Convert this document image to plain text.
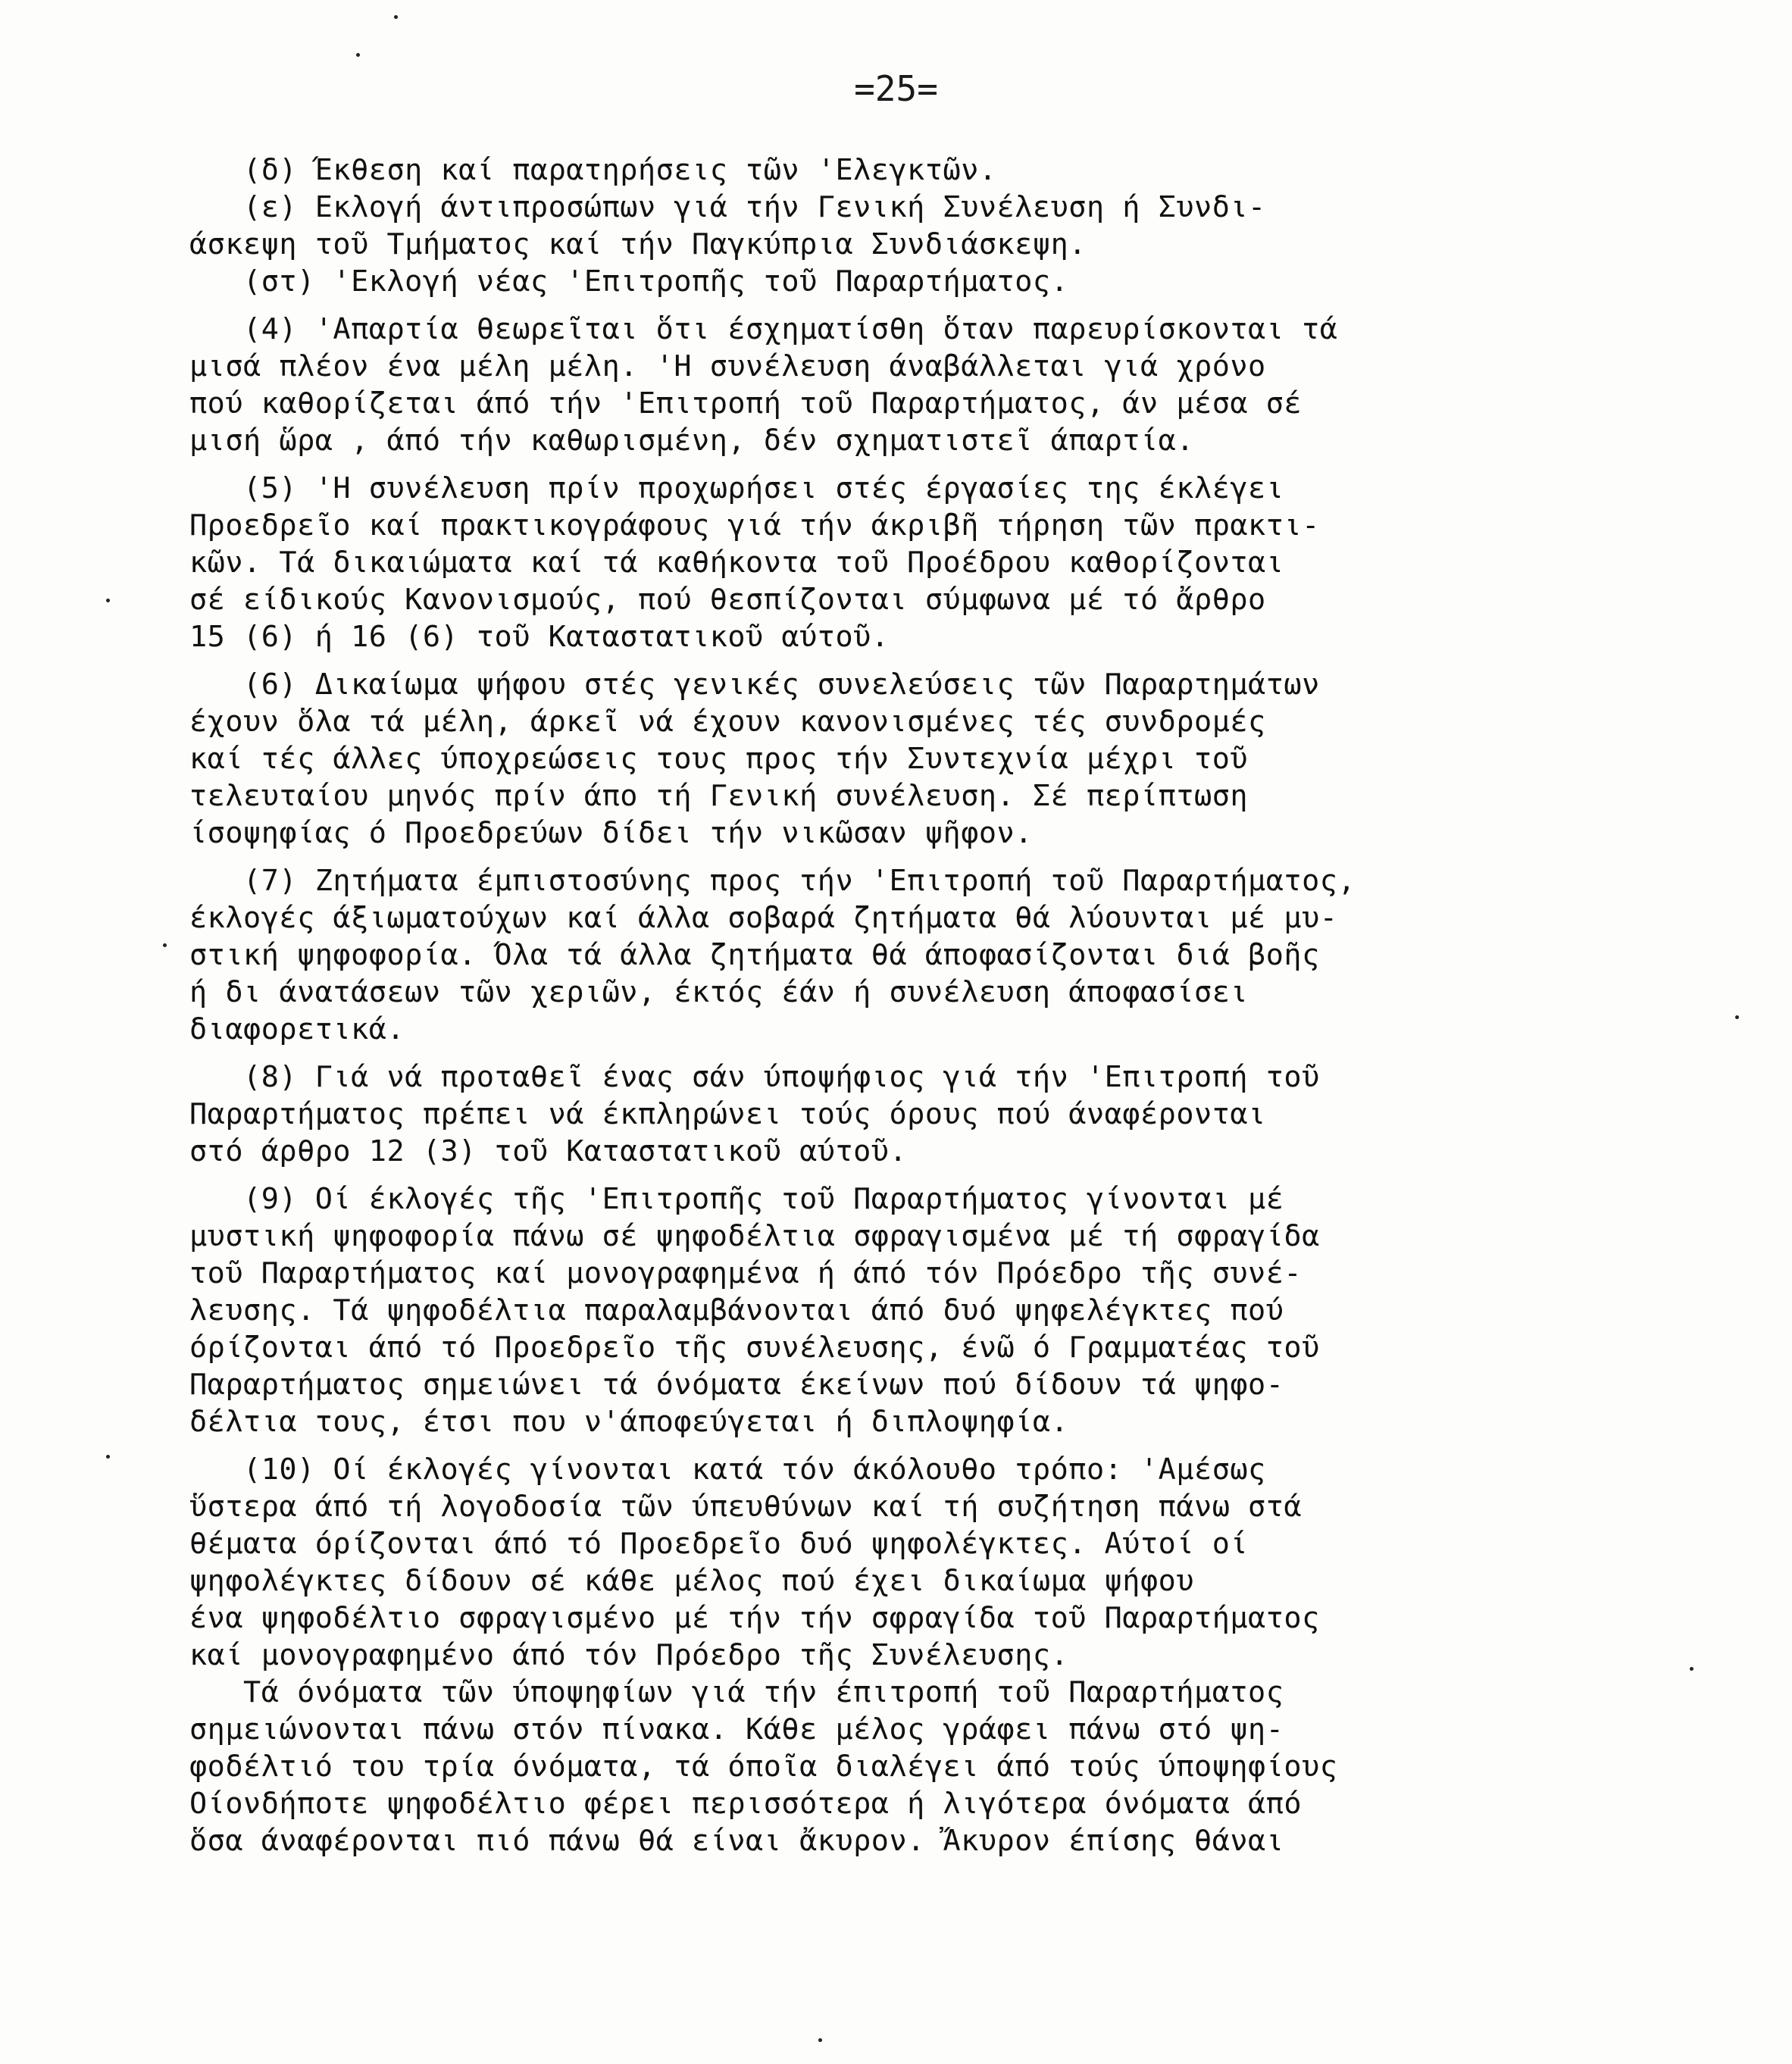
=25=
(δ) Έκθεση καί παρατηρήσεις τῶν 'Ελεγκτῶν.
(ε) Εκλογή άντιπροσώπων γιά τήν Γενική Συνέλευση ή Συνδι-
άσκεψη τοῦ Τμήματος καί τήν Παγκύπρια Συνδιάσκεψη.
(στ) 'Εκλογή νέας 'Επιτροπῆς τοῦ Παραρτήματος.
(4) 'Απαρτία θεωρεῖται ὅτι έσχηματίσθη ὅταν παρευρίσκονται τά
μισά πλέον ένα μέλη μέλη. 'Η συνέλευση άναβάλλεται γιά χρόνο
πού καθορίζεται άπό τήν 'Επιτροπή τοῦ Παραρτήματος, άν μέσα σέ
μισή ὥρα , άπό τήν καθωρισμένη, δέν σχηματιστεῖ άπαρτία.
(5) 'Η συνέλευση πρίν προχωρήσει στές έργασίες της έκλέγει
Προεδρεῖο καί πρακτικογράφους γιά τήν άκριβῆ τήρηση τῶν πρακτι-
κῶν. Τά δικαιώματα καί τά καθήκοντα τοῦ Προέδρου καθορίζονται
σέ είδικούς Κανονισμούς, πού θεσπίζονται σύμφωνα μέ τό ἄρθρο
15 (6) ή 16 (6) τοῦ Καταστατικοῦ αύτοῦ.
(6) Δικαίωμα ψήφου στές γενικές συνελεύσεις τῶν Παραρτημάτων
έχουν ὅλα τά μέλη, άρκεῖ νά έχουν κανονισμένες τές συνδρομές
καί τές άλλες ύποχρεώσεις τους προς τήν Συντεχνία μέχρι τοῦ
τελευταίου μηνός πρίν άπο τή Γενική συνέλευση. Σέ περίπτωση
ίσοψηφίας ό Προεδρεύων δίδει τήν νικῶσαν ψῆφον.
(7) Ζητήματα έμπιστοσύνης προς τήν 'Επιτροπή τοῦ Παραρτήματος,
έκλογές άξιωματούχων καί άλλα σοβαρά ζητήματα θά λύουνται μέ μυ-
στική ψηφοφορία. Όλα τά άλλα ζητήματα θά άποφασίζονται διά βοῆς
ή δι άνατάσεων τῶν χεριῶν, έκτός έάν ή συνέλευση άποφασίσει
διαφορετικά.
(8) Γιά νά προταθεῖ ένας σάν ύποψήφιος γιά τήν 'Επιτροπή τοῦ
Παραρτήματος πρέπει νά έκπληρώνει τούς όρους πού άναφέρονται
στό άρθρο 12 (3) τοῦ Καταστατικοῦ αύτοῦ.
(9) Οί έκλογές τῆς 'Επιτροπῆς τοῦ Παραρτήματος γίνονται μέ
μυστική ψηφοφορία πάνω σέ ψηφοδέλτια σφραγισμένα μέ τή σφραγίδα
τοῦ Παραρτήματος καί μονογραφημένα ή άπό τόν Πρόεδρο τῆς συνέ-
λευσης. Τά ψηφοδέλτια παραλαμβάνονται άπό δυό ψηφελέγκτες πού
όρίζονται άπό τό Προεδρεῖο τῆς συνέλευσης, ένῶ ό Γραμματέας τοῦ
Παραρτήματος σημειώνει τά όνόματα έκείνων πού δίδουν τά ψηφο-
δέλτια τους, έτσι που ν'άποφεύγεται ή διπλοψηφία.
(10) Οί έκλογές γίνονται κατά τόν άκόλουθο τρόπο: 'Αμέσως
ὕστερα άπό τή λογοδοσία τῶν ύπευθύνων καί τή συζήτηση πάνω στά
θέματα όρίζονται άπό τό Προεδρεῖο δυό ψηφολέγκτες. Αύτοί οί
ψηφολέγκτες δίδουν σέ κάθε μέλος πού έχει δικαίωμα ψήφου
ένα ψηφοδέλτιο σφραγισμένο μέ τήν τήν σφραγίδα τοῦ Παραρτήματος
καί μονογραφημένο άπό τόν Πρόεδρο τῆς Συνέλευσης.
Τά όνόματα τῶν ύποψηφίων γιά τήν έπιτροπή τοῦ Παραρτήματος
σημειώνονται πάνω στόν πίνακα. Κάθε μέλος γράφει πάνω στό ψη-
φοδέλτιό του τρία όνόματα, τά όποῖα διαλέγει άπό τούς ύποψηφίους
Οίονδήποτε ψηφοδέλτιο φέρει περισσότερα ή λιγότερα όνόματα άπό
ὅσα άναφέρονται πιό πάνω θά είναι ἄκυρον. Ἄκυρον έπίσης θάναι
